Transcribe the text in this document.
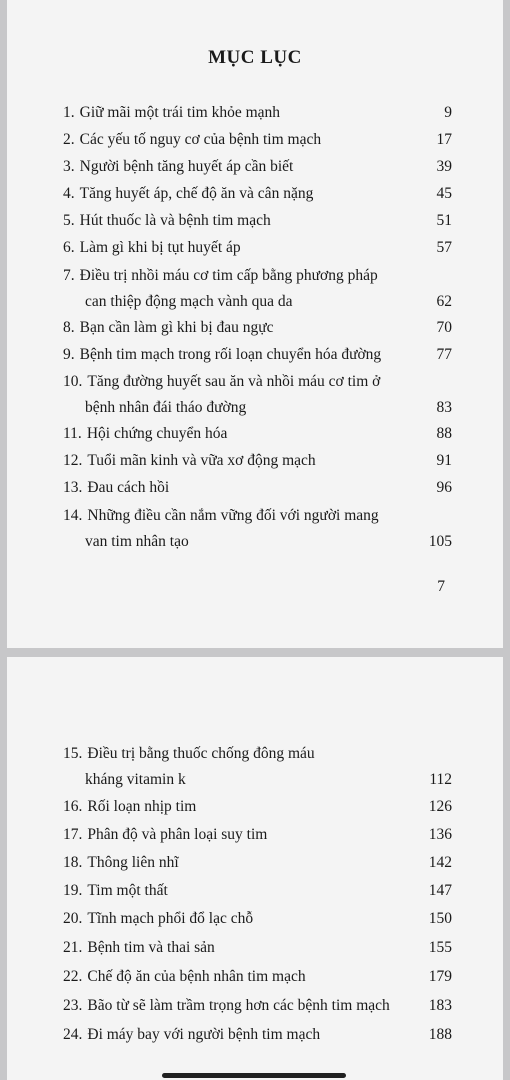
MỤC LỤC
1. Giữ mãi một trái tim khỏe mạnh	9
2. Các yếu tố nguy cơ của bệnh tim mạch	17
3. Người bệnh tăng huyết áp cần biết	39
4. Tăng huyết áp, chế độ ăn và cân nặng	45
5. Hút thuốc là và bệnh tim mạch	51
6. Làm gì khi bị tụt huyết áp	57
7. Điều trị nhồi máu cơ tim cấp bằng phương pháp
can thiệp động mạch vành qua da	62
8. Bạn cần làm gì khi bị đau ngực	70
9. Bệnh tim mạch trong rối loạn chuyển hóa đường	77
10. Tăng đường huyết sau ăn và nhồi máu cơ tim ở
bệnh nhân đái tháo đường	83
11. Hội chứng chuyển hóa	88
12. Tuổi mãn kinh và vữa xơ động mạch	91
13. Đau cách hồi	96
14. Những điều cần nắm vững đối với người mang
van tim nhân tạo	105
7
15. Điều trị bằng thuốc chống đông máu
kháng vitamin k	112
16. Rối loạn nhịp tim	126
17. Phân độ và phân loại suy tim	136
18. Thông liên nhĩ	142
19. Tim một thất	147
20. Tĩnh mạch phổi đổ lạc chỗ	150
21. Bệnh tim và thai sản	155
22. Chế độ ăn của bệnh nhân tim mạch	179
23. Bão từ sẽ làm trầm trọng hơn các bệnh tim mạch	183
24. Đi máy bay với người bệnh tim mạch	188
